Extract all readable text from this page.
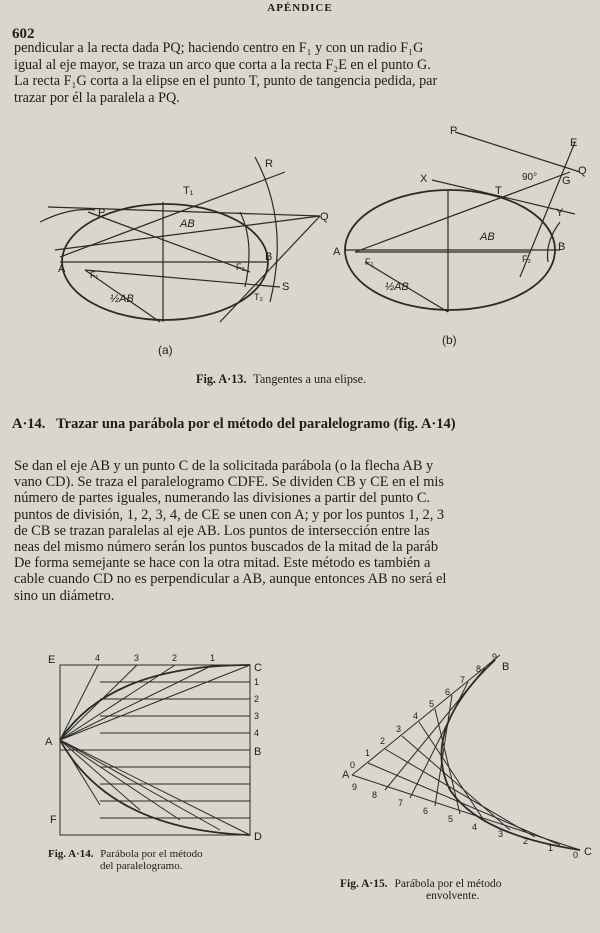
APÉNDICE
602
pendicular a la recta dada PQ; haciendo centro en F₁ y con un radio F₁G
igual al eje mayor, se traza un arco que corta a la recta F₂E en el punto G.
La recta F₁G corta a la elipse en el punto T, punto de tangencia pedida, par
trazar por él la paralela a PQ.
P
T₁
R
Q
A	F₁
F₂
B
S
T₂
AB
½AB
(a)
P
E
Q
X
T
90° G
Y
A
F₁	F₂
B
AB
½AB
(b)
Fig. A·13. Tangentes a una elipse.
A·14. Trazar una parábola por el método del paralelogramo (fig. A·14)
Se dan el eje AB y un punto C de la solicitada parábola (o la flecha AB y
vano CD). Se traza el paralelogramo CDFE. Se dividen CB y CE en el mis
número de partes iguales, numerando las divisiones a partir del punto C.
puntos de división, 1, 2, 3, 4, de CE se unen con A; y por los puntos 1, 2, 3
de CB se trazan paralelas al eje AB. Los puntos de intersección entre las
neas del mismo número serán los puntos buscados de la mitad de la paráb
De forma semejante se hace con la otra mitad. Este método es también a
cable cuando CD no es perpendicular a AB, aunque entonces AB no será el
sino un diámetro.
E
C
A
B
F
D
4	3	2	1
1
2
3
4
Fig. A·14. Parábola por el método
del paralelogramo.
A
B
C
0
1
2
3
4
5
6
7
8
9
9
8
7
6
5
4
3
2
1
0
Fig. A·15. Parábola por el método
envolvente.
